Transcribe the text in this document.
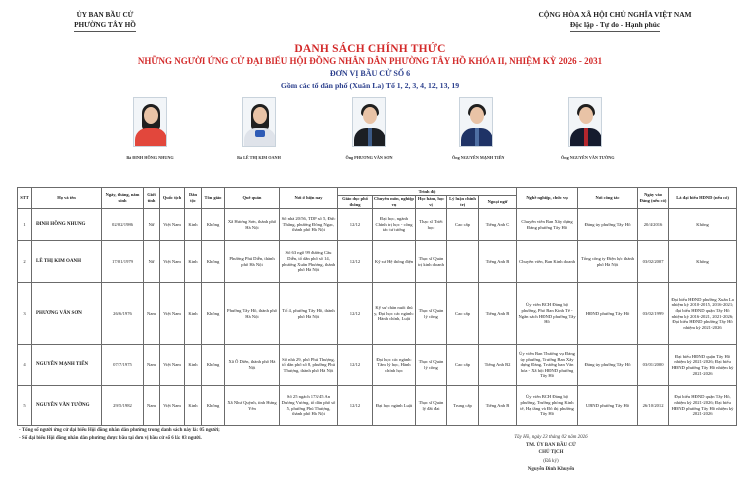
ỦY BAN BẦU CỬ
PHƯỜNG TÂY HỒ
CỘNG HÒA XÃ HỘI CHỦ NGHĨA VIỆT NAM
Độc lập - Tự do - Hạnh phúc
DANH SÁCH CHÍNH THỨC
NHỮNG NGƯỜI ỨNG CỬ ĐẠI BIỂU HỘI ĐỒNG NHÂN DÂN PHƯỜNG TÂY HỒ KHÓA II, NHIỆM KỲ 2026 - 2031
ĐƠN VỊ BẦU CỬ SỐ 6
Gồm các tổ dân phố (Xuân La) Tổ 1, 2, 3, 4, 12, 13, 19
Bà ĐINH HỒNG NHUNG	Bà LÊ THỊ KIM OANH	Ông PHƯƠNG VĂN SƠN	Ông NGUYỄN MẠNH TIẾN	Ông NGUYỄN VĂN TƯỜNG
STT	Họ và tên	Ngày, tháng, năm sinh	Giới tính	Quốc tịch	Dân tộc	Tôn giáo	Quê quán	Nơi ở hiện nay	Trình độ					Nghề nghiệp, chức vụ	Nơi công tác	Ngày vào Đảng (nếu có)	Là đại biểu HDND (nếu có)
									Giáo dục phổ thông	Chuyên môn, nghiệp vụ	Học hàm, học vị	Lý luận chính trị	Ngoại ngữ				
1	ĐINH HỒNG NHUNG	02/02/1986	Nữ	Việt Nam	Kinh	Không	Xã Hương Sơn, thành phố Hà Nội	Số nhà 20/56, TDP số 5, Đức Thắng, phường Đông Ngạc, thành phố Hà Nội	12/12	Đại học, ngành Chính trị học - công tác tư tưởng	Thạc sĩ Triết học	Cao cấp	Tiếng Anh C	Chuyên viên Ban Xây dựng Đảng phường Tây Hồ	Đảng ủy phường Tây Hồ	20/4/2016	Không
2	LÊ THỊ KIM OANH	17/01/1979	Nữ	Việt Nam	Kinh	Không	Phường Phú Diễn, thành phố Hà Nội	Số 63 ngõ 99 đường Cầu Diễn, tổ dân phố số 14, phường Xuân Phương, thành phố Hà Nội	12/12	Kỹ sư Hệ thống điện	Thạc sĩ Quản trị kinh doanh		Tiếng Anh B	Chuyên viên, Ban Kinh doanh	Tổng công ty Điện lực thành phố Hà Nội	03/02/2007	Không
3	PHƯƠNG VĂN SƠN	26/6/1976	Nam	Việt Nam	Kinh	Không	Phường Tây Hồ, thành phố Hà Nội	Tổ 4, phường Tây Hồ, thành phố Hà Nội	12/12	Kỹ sư chăn nuôi thú y, Đại học các ngành: Hành chính, Luật	Thạc sĩ Quản lý công	Cao cấp	Tiếng Anh B	Ủy viên BCH Đảng bộ phường, Phó Ban Kinh Tế - Ngân sách HĐND phường Tây Hồ	HĐND phường Tây Hồ	03/02/1999	Đại biểu HĐND phường Xuân La nhiệm kỳ 2010-2015, 2016-2021; đại biểu HĐND quận Tây Hồ nhiệm kỳ 2016-2021, 2021-2026; Đại biểu HĐND phường Tây Hồ nhiệm kỳ 2021-2026
4	NGUYỄN MẠNH TIẾN	07/7/1975	Nam	Việt Nam	Kinh	Không	Xã Ô Diên, thành phố Hà Nội	Số nhà 29, phố Phú Thượng, tổ dân phố số 8, phường Phú Thượng, thành phố Hà Nội	12/12	Đại học các ngành: Tâm lý học, Hành chính học	Thạc sĩ Quản lý công	Cao cấp	Tiếng Anh B2	Ủy viên Ban Thường vụ Đảng ủy phường, Trưởng Ban Xây dựng Đảng, Trưởng ban Văn hóa - Xã hội HĐND phường Tây Hồ	Đảng ủy phường Tây Hồ	03/01/2000	Đại biểu HĐND quận Tây Hồ nhiệm kỳ 2021-2026; Đại biểu HĐND phường Tây Hồ nhiệm kỳ 2021-2026
5	NGUYỄN VĂN TƯỜNG	29/5/1982	Nam	Việt Nam	Kinh	Không	Xã Như Quỳnh, tỉnh Hưng Yên	Số 25 ngách 173/45 An Dương Vương, tổ dân phố số 5, phường Phú Thượng, thành phố Hà Nội	12/12	Đại học ngành Luật	Thạc sĩ Quản lý đất đai	Trung cấp	Tiếng Anh B	Ủy viên BCH Đảng bộ phường, Trưởng phòng Kinh tế, Hạ tầng và Đô thị phường Tây Hồ	UBND phường Tây Hồ	26/10/2012	Đại biểu HĐND quận Tây Hồ, nhiệm kỳ 2021-2026; Đại biểu HĐND phường Tây Hồ nhiệm kỳ 2021-2026
- Tổng số người ứng cử đại biểu Hội đồng nhân dân phường trong danh sách này là: 05 người;
- Số đại biểu Hội đồng nhân dân phường được bầu tại đơn vị bầu cử số 6 là: 03 người.	Tây Hồ, ngày 23 tháng 02 năm 2026
TM. ỦY BAN BẦU CỬ
CHỦ TỊCH
(Đã ký)
Nguyễn Đình Khuyến
